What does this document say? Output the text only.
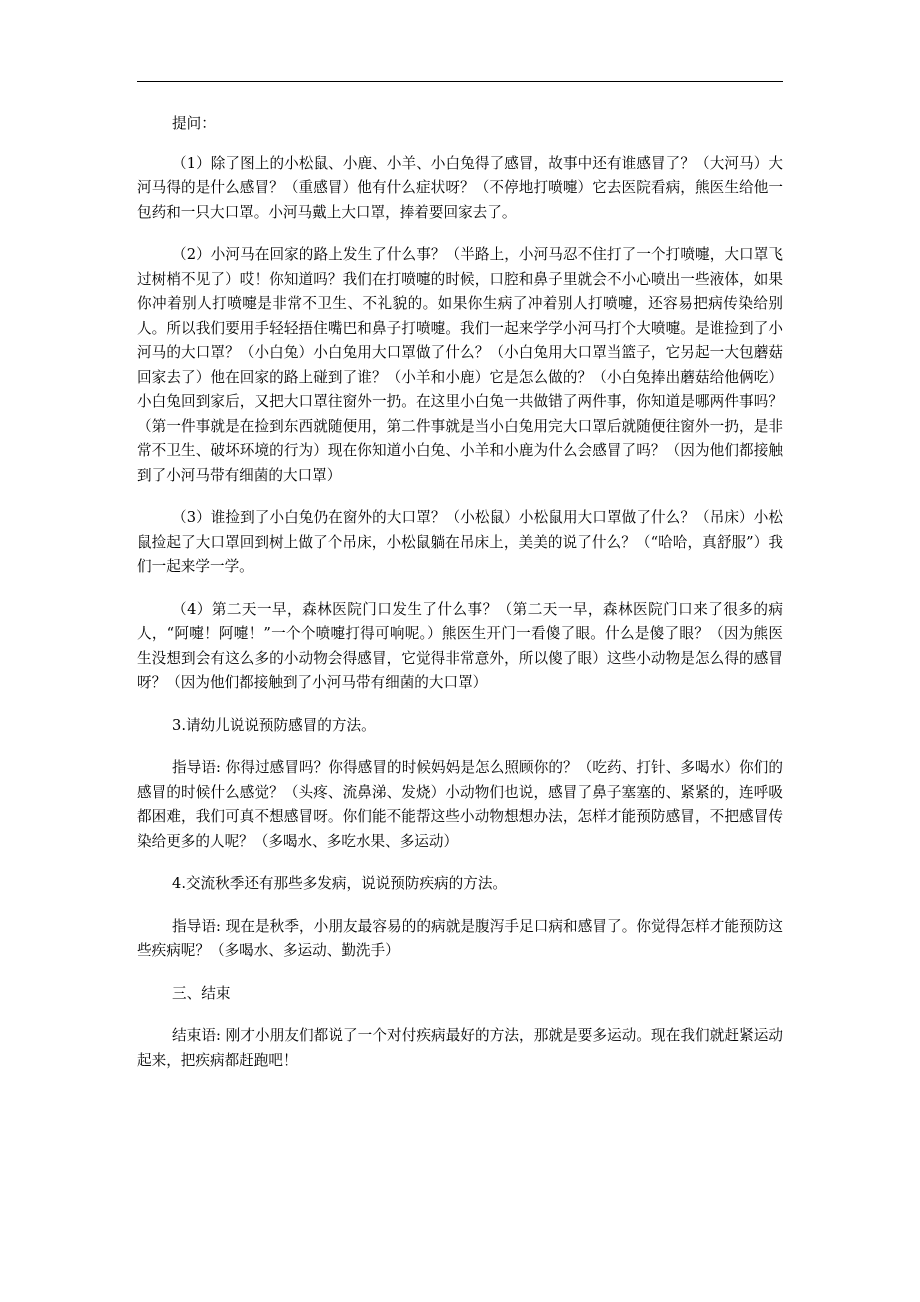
提问：

（1）除了图上的小松鼠、小鹿、小羊、小白兔得了感冒，故事中还有谁感冒了？（大河马）大河马得的是什么感冒？（重感冒）他有什么症状呀？（不停地打喷嚏）它去医院看病，熊医生给他一包药和一只大口罩。小河马戴上大口罩，捧着要回家去了。

（2）小河马在回家的路上发生了什么事？（半路上，小河马忍不住打了一个打喷嚏，大口罩飞过树梢不见了）哎！你知道吗？我们在打喷嚏的时候，口腔和鼻子里就会不小心喷出一些液体，如果你冲着别人打喷嚏是非常不卫生、不礼貌的。如果你生病了冲着别人打喷嚏，还容易把病传染给别人。所以我们要用手轻轻捂住嘴巴和鼻子打喷嚏。我们一起来学学小河马打个大喷嚏。是谁捡到了小河马的大口罩？（小白兔）小白兔用大口罩做了什么？（小白兔用大口罩当篮子，它另起一大包蘑菇回家去了）他在回家的路上碰到了谁？（小羊和小鹿）它是怎么做的？（小白兔捧出蘑菇给他俩吃）小白兔回到家后，又把大口罩往窗外一扔。在这里小白兔一共做错了两件事，你知道是哪两件事吗？（第一件事就是在捡到东西就随便用，第二件事就是当小白兔用完大口罩后就随便往窗外一扔，是非常不卫生、破坏环境的行为）现在你知道小白兔、小羊和小鹿为什么会感冒了吗？（因为他们都接触到了小河马带有细菌的大口罩）

（3）谁捡到了小白兔仍在窗外的大口罩？（小松鼠）小松鼠用大口罩做了什么？（吊床）小松鼠捡起了大口罩回到树上做了个吊床，小松鼠躺在吊床上，美美的说了什么？（“哈哈，真舒服”）我们一起来学一学。

（4）第二天一早，森林医院门口发生了什么事？（第二天一早，森林医院门口来了很多的病人，“阿嚏！阿嚏！”一个个喷嚏打得可响呢。）熊医生开门一看傻了眼。什么是傻了眼？（因为熊医生没想到会有这么多的小动物会得感冒，它觉得非常意外，所以傻了眼）这些小动物是怎么得的感冒呀？（因为他们都接触到了小河马带有细菌的大口罩）

3.请幼儿说说预防感冒的方法。

指导语: 你得过感冒吗？你得感冒的时候妈妈是怎么照顾你的？（吃药、打针、多喝水）你们的感冒的时候什么感觉？（头疼、流鼻涕、发烧）小动物们也说，感冒了鼻子塞塞的、紧紧的，连呼吸都困难，我们可真不想感冒呀。你们能不能帮这些小动物想想办法，怎样才能预防感冒，不把感冒传染给更多的人呢？（多喝水、多吃水果、多运动）

4.交流秋季还有那些多发病，说说预防疾病的方法。

指导语: 现在是秋季，小朋友最容易的的病就是腹泻手足口病和感冒了。你觉得怎样才能预防这些疾病呢？（多喝水、多运动、勤洗手）

三、结束

结束语: 刚才小朋友们都说了一个对付疾病最好的方法，那就是要多运动。现在我们就赶紧运动起来，把疾病都赶跑吧！
